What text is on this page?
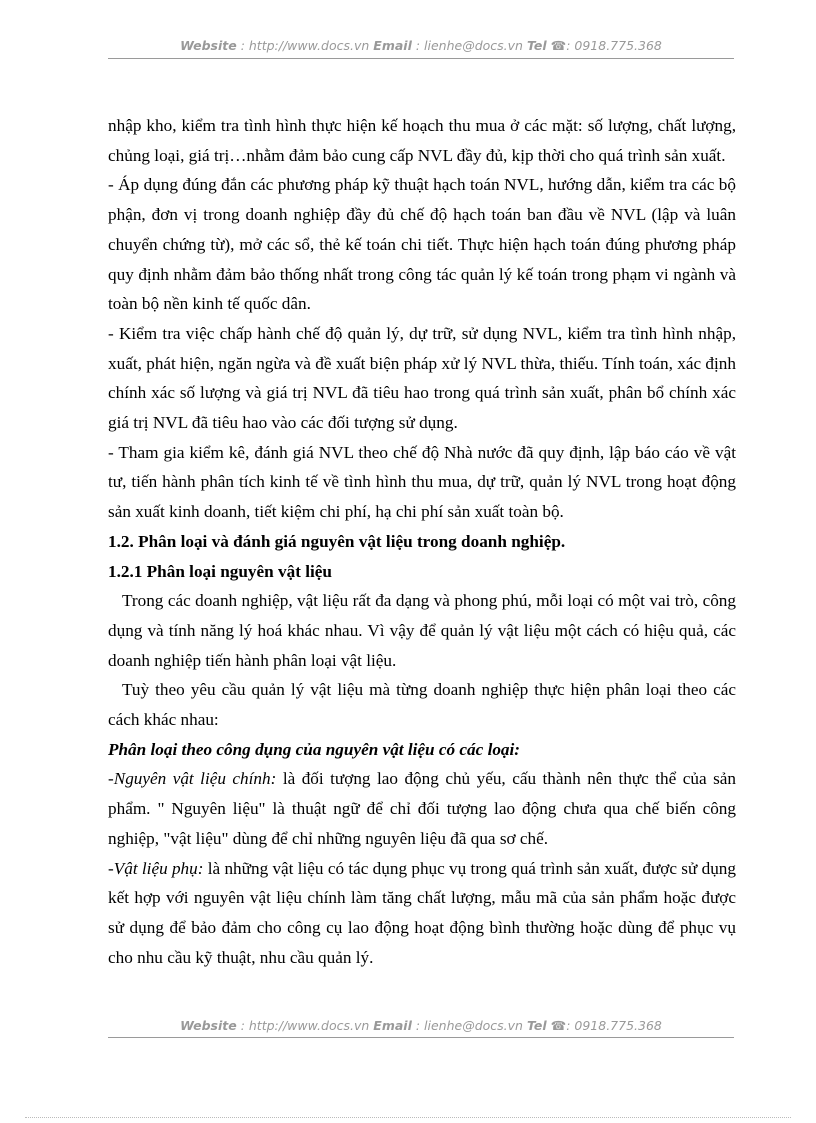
Website : http://www.docs.vn Email : lienhe@docs.vn Tel ☎: 0918.775.368

nhập kho, kiểm tra tình hình thực hiện kế hoạch thu mua ở các mặt: số lượng, chất lượng, chủng loại, giá trị…nhằm đảm bảo cung cấp NVL đầy đủ, kịp thời cho quá trình sản xuất.

- Áp dụng đúng đắn các phương pháp kỹ thuật hạch toán NVL, hướng dẫn, kiểm tra các bộ phận, đơn vị trong doanh nghiệp đầy đủ chế độ hạch toán ban đầu về NVL (lập và luân chuyển chứng từ), mở các sổ, thẻ kế toán chi tiết. Thực hiện hạch toán đúng phương pháp quy định nhằm đảm bảo thống nhất trong công tác quản lý kế toán trong phạm vi ngành và toàn bộ nền kinh tế quốc dân.

- Kiểm tra việc chấp hành chế độ quản lý, dự trữ, sử dụng NVL, kiểm tra tình hình nhập, xuất, phát hiện, ngăn ngừa và đề xuất biện pháp xử lý NVL thừa, thiếu. Tính toán, xác định chính xác số lượng và giá trị NVL đã tiêu hao trong quá trình sản xuất, phân bổ chính xác giá trị NVL đã tiêu hao vào các đối tượng sử dụng.

- Tham gia kiểm kê, đánh giá NVL theo chế độ Nhà nước đã quy định, lập báo cáo về vật tư, tiến hành phân tích kinh tế về tình hình thu mua, dự trữ, quản lý NVL trong hoạt động sản xuất kinh doanh, tiết kiệm chi phí, hạ chi phí sản xuất toàn bộ.

1.2. Phân loại và đánh giá nguyên vật liệu trong doanh nghiệp.

1.2.1 Phân loại nguyên vật liệu

Trong các doanh nghiệp, vật liệu rất đa dạng và phong phú, mỗi loại có một vai trò, công dụng và tính năng lý hoá khác nhau. Vì vậy để quản lý vật liệu một cách có hiệu quả, các doanh nghiệp tiến hành phân loại vật liệu.

Tuỳ theo yêu cầu quản lý vật liệu mà từng doanh nghiệp thực hiện phân loại theo các cách khác nhau:

Phân loại theo công dụng của nguyên vật liệu có các loại:

-Nguyên vật liệu chính: là đối tượng lao động chủ yếu, cấu thành nên thực thể của sản phẩm. " Nguyên liệu" là thuật ngữ để chỉ đối tượng lao động chưa qua chế biến công nghiệp, "vật liệu" dùng để chỉ những nguyên liệu đã qua sơ chế.

-Vật liệu phụ: là những vật liệu có tác dụng phục vụ trong quá trình sản xuất, được sử dụng kết hợp với nguyên vật liệu chính làm tăng chất lượng, mẫu mã của sản phẩm hoặc được sử dụng để bảo đảm cho công cụ lao động hoạt động bình thường hoặc dùng để phục vụ cho nhu cầu kỹ thuật, nhu cầu quản lý.

Website : http://www.docs.vn Email : lienhe@docs.vn Tel ☎: 0918.775.368
